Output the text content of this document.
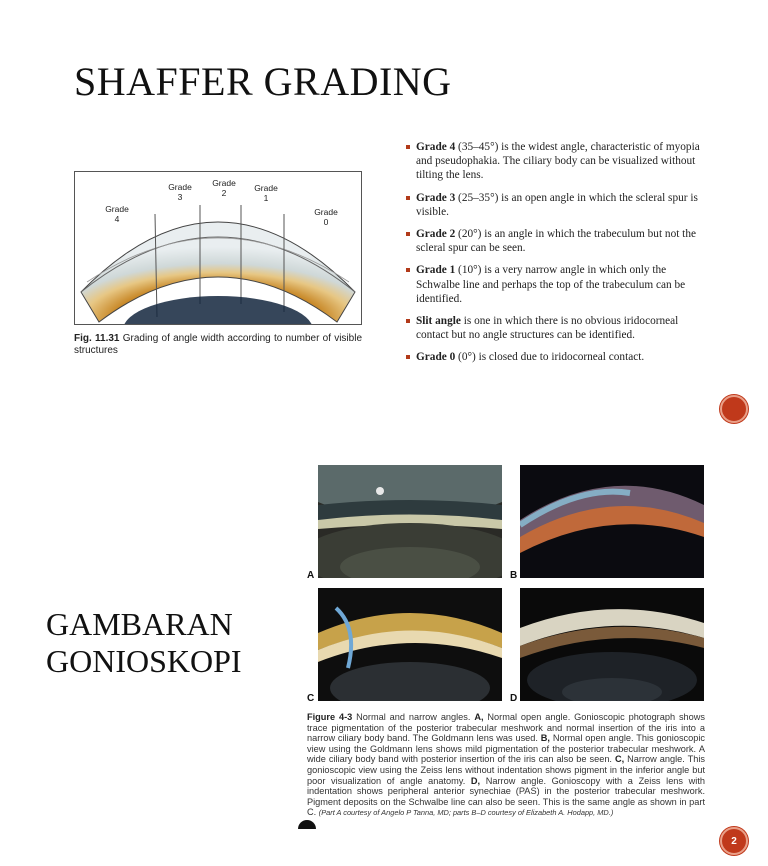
SHAFFER GRADING
Grade 4
Grade 3
Grade 2	Grade 1
Grade 0
Fig. 11.31 Grading of angle width according to number of visible structures
Grade 4 (35–45°) is the widest angle, characteristic of myopia and pseudophakia. The ciliary body can be visualized without tilting the lens.
Grade 3 (25–35°) is an open angle in which the scleral spur is visible.
Grade 2 (20°) is an angle in which the trabeculum but not the scleral spur can be seen.
Grade 1 (10°) is a very narrow angle in which only the Schwalbe line and perhaps the top of the trabeculum can be identified.
Slit angle is one in which there is no obvious iridocorneal contact but no angle structures can be identified.
Grade 0 (0°) is closed due to iridocorneal contact.
GAMBARAN
GONIOSKOPI
A	B
C	D
Figure 4-3 Normal and narrow angles. A, Normal open angle. Gonioscopic photograph shows trace pigmentation of the posterior trabecular meshwork and normal insertion of the iris into a narrow ciliary body band. The Goldmann lens was used. B, Normal open angle. This gonioscopic view using the Goldmann lens shows mild pigmentation of the posterior trabecular meshwork. A wide ciliary body band with posterior insertion of the iris can also be seen. C, Narrow angle. This gonioscopic view using the Zeiss lens without indentation shows pigment in the inferior angle but poor visualization of angle anatomy. D, Narrow angle. Gonioscopy with a Zeiss lens with indentation shows peripheral anterior synechiae (PAS) in the posterior trabecular meshwork. Pigment deposits on the Schwalbe line can also be seen. This is the same angle as shown in part C. (Part A courtesy of Angelo P Tanna, MD; parts B–D courtesy of Elizabeth A. Hodapp, MD.)
2
